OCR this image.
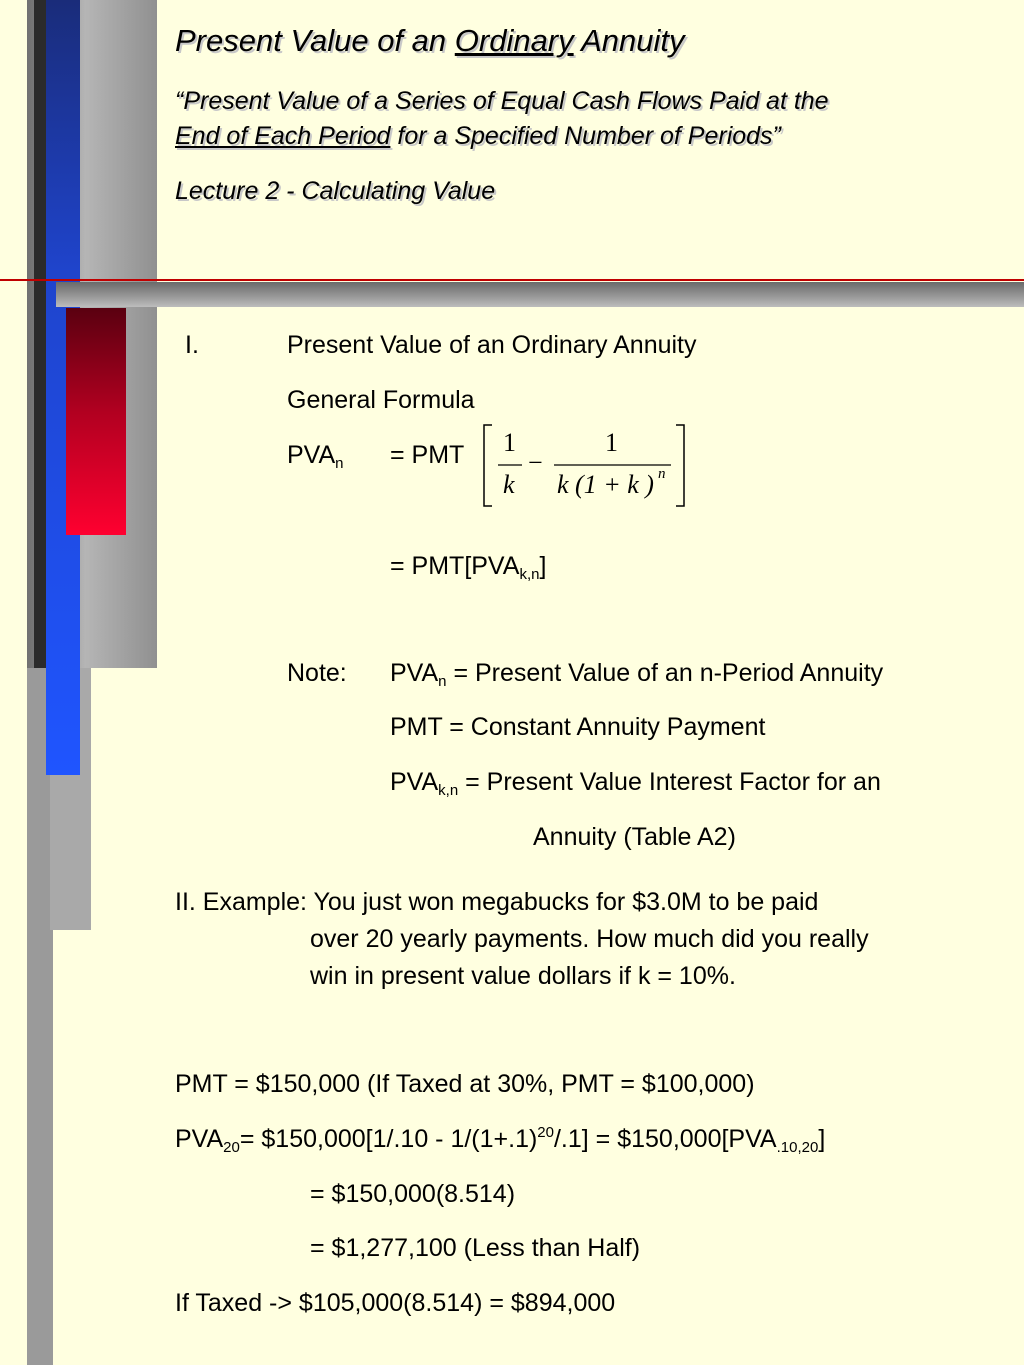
Present Value of an Ordinary Annuity
“Present Value of a Series of Equal Cash Flows Paid at the
End of Each Period for a Specified Number of Periods”
Lecture 2 - Calculating Value
I.	Present Value of an Ordinary Annuity
General Formula
$PVA_n$ = PMT 1
k
−
1
k (1 + k ) n
= $PMT[PVA_{k,n}]$
Note: $PVA_n$ = Present Value of an n-Period Annuity
PMT = Constant Annuity Payment
$PVA_{k,n}$ = Present Value Interest Factor for an
Annuity (Table A2)
II. Example: You just won megabucks for $3.0M to be paid
over 20 yearly payments. How much did you really
win in present value dollars if k = 10%.
PMT = $150,000 (If Taxed at 30%, PMT = $100,000)
$PVA_{20}=$ $150,000[1/.10 - $1/(1+.1)^{20}/.1$] = $\$150,000[PVA_{.10,20}]$
= $150,000(8.514)
= $1,277,100 (Less than Half)
If Taxed -> $105,000(8.514) = $894,000
